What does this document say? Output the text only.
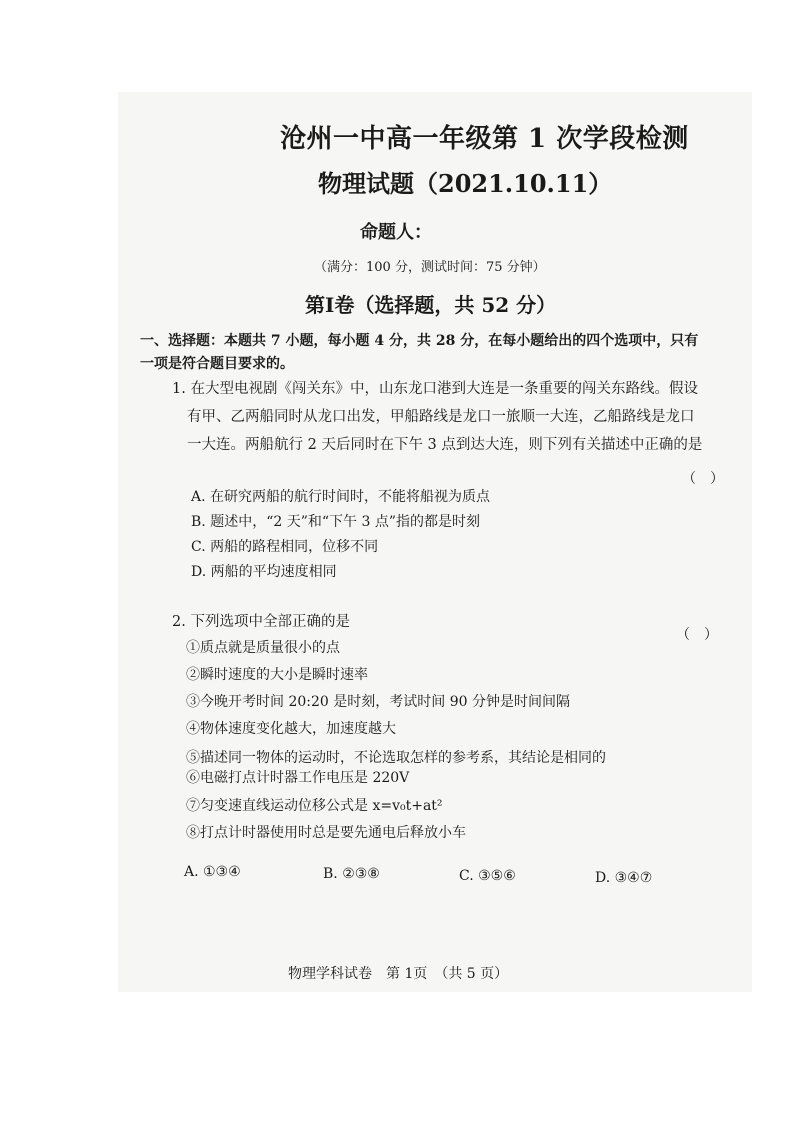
沧州一中高一年级第 1 次学段检测
物理试题（2021.10.11）
命题人：
（满分：100 分，测试时间：75 分钟）
第Ⅰ卷（选择题，共 52 分）
一、选择题：本题共 7 小题，每小题 4 分，共 28 分，在每小题给出的四个选项中，只有
一项是符合题目要求的。
1. 在大型电视剧《闯关东》中，山东龙口港到大连是一条重要的闯关东路线。假设
有甲、乙两船同时从龙口出发，甲船路线是龙口一旅顺一大连，乙船路线是龙口
一大连。两船航行 2 天后同时在下午 3 点到达大连，则下列有关描述中正确的是
（　）
A. 在研究两船的航行时间时，不能将船视为质点
B. 题述中，“2 天”和“下午 3 点”指的都是时刻
C. 两船的路程相同，位移不同
D. 两船的平均速度相同
2. 下列选项中全部正确的是
（　）
①质点就是质量很小的点
②瞬时速度的大小是瞬时速率
③今晚开考时间 20:20 是时刻，考试时间 90 分钟是时间间隔
④物体速度变化越大，加速度越大
⑤描述同一物体的运动时，不论选取怎样的参考系，其结论是相同的
⑥电磁打点计时器工作电压是 220V
⑦匀变速直线运动位移公式是 x=v₀t+at²
⑧打点计时器使用时总是要先通电后释放小车
A. ①③④	B. ②③⑧	C. ③⑤⑥	D. ③④⑦
物理学科试卷　第 1页　（共 5 页）
